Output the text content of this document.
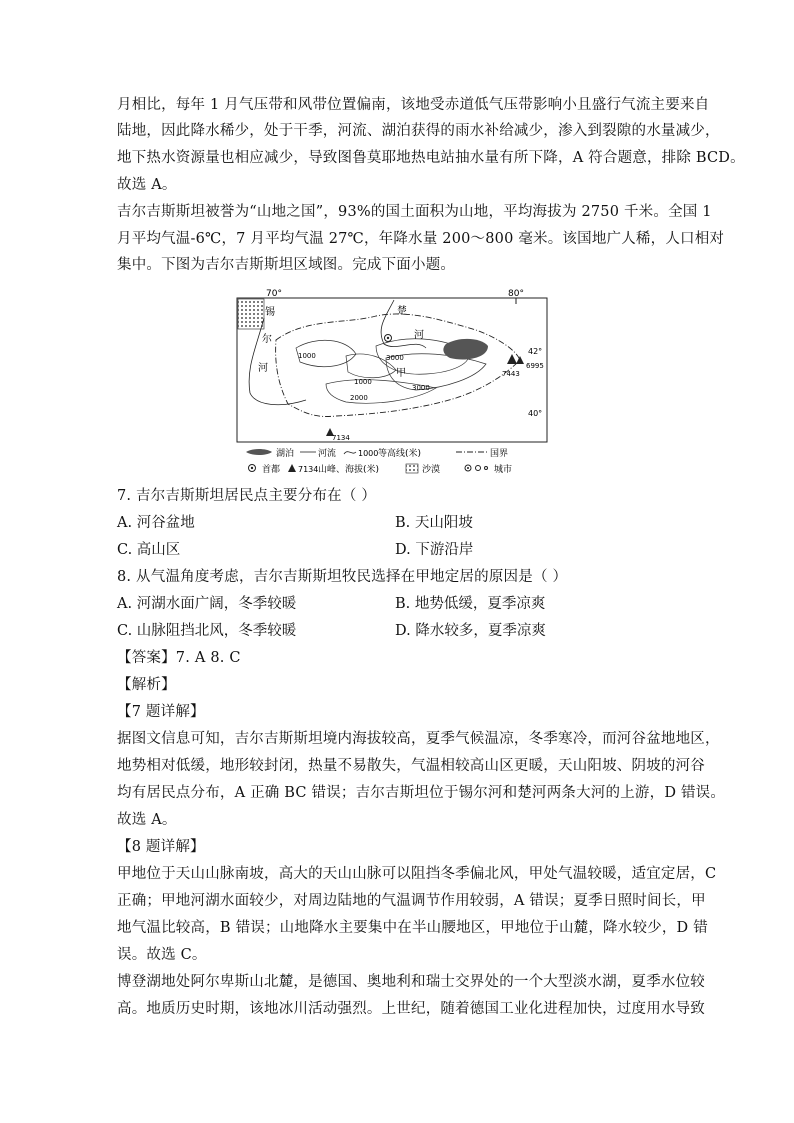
月相比，每年 1 月气压带和风带位置偏南，该地受赤道低气压带影响小且盛行气流主要来自
陆地，因此降水稀少，处于干季，河流、湖泊获得的雨水补给减少，渗入到裂隙的水量减少，
地下热水资源量也相应减少，导致图鲁莫耶地热电站抽水量有所下降，A 符合题意，排除 BCD。
故选 A。
吉尔吉斯斯坦被誉为“山地之国”，93%的国土面积为山地，平均海拔为 2750 千米。全国 1
月平均气温-6℃，7 月平均气温 27℃，年降水量 200～800 毫米。该国地广人稀，人口相对
集中。下图为吉尔吉斯斯坦区域图。完成下面小题。
70°	80°
锡
尔
河
楚
河
1000	3000
1000
2000
3000
甲
6995
7443
7134
42°
40°
湖泊	河流	1000 等高线(米)	国界
首都 7134 山峰、海拔(米)	沙漠	城市
7. 吉尔吉斯斯坦居民点主要分布在（ ）
A. 河谷盆地	B. 天山阳坡
C. 高山区	D. 下游沿岸
8. 从气温角度考虑，吉尔吉斯斯坦牧民选择在甲地定居的原因是（ ）
A. 河湖水面广阔，冬季较暖	B. 地势低缓，夏季凉爽
C. 山脉阻挡北风，冬季较暖	D. 降水较多，夏季凉爽
【答案】7. A 8. C
【解析】
【7 题详解】
据图文信息可知，吉尔吉斯斯坦境内海拔较高，夏季气候温凉，冬季寒冷，而河谷盆地地区，
地势相对低缓，地形较封闭，热量不易散失，气温相较高山区更暖，天山阳坡、阴坡的河谷
均有居民点分布，A 正确 BC 错误；吉尔吉斯坦位于锡尔河和楚河两条大河的上游，D 错误。
故选 A。
【8 题详解】
甲地位于天山山脉南坡，高大的天山山脉可以阻挡冬季偏北风，甲处气温较暖，适宜定居，C
正确；甲地河湖水面较少，对周边陆地的气温调节作用较弱，A 错误；夏季日照时间长，甲
地气温比较高，B 错误；山地降水主要集中在半山腰地区，甲地位于山麓，降水较少，D 错
误。故选 C。
博登湖地处阿尔卑斯山北麓，是德国、奥地利和瑞士交界处的一个大型淡水湖，夏季水位较
高。地质历史时期，该地冰川活动强烈。上世纪，随着德国工业化进程加快，过度用水导致
